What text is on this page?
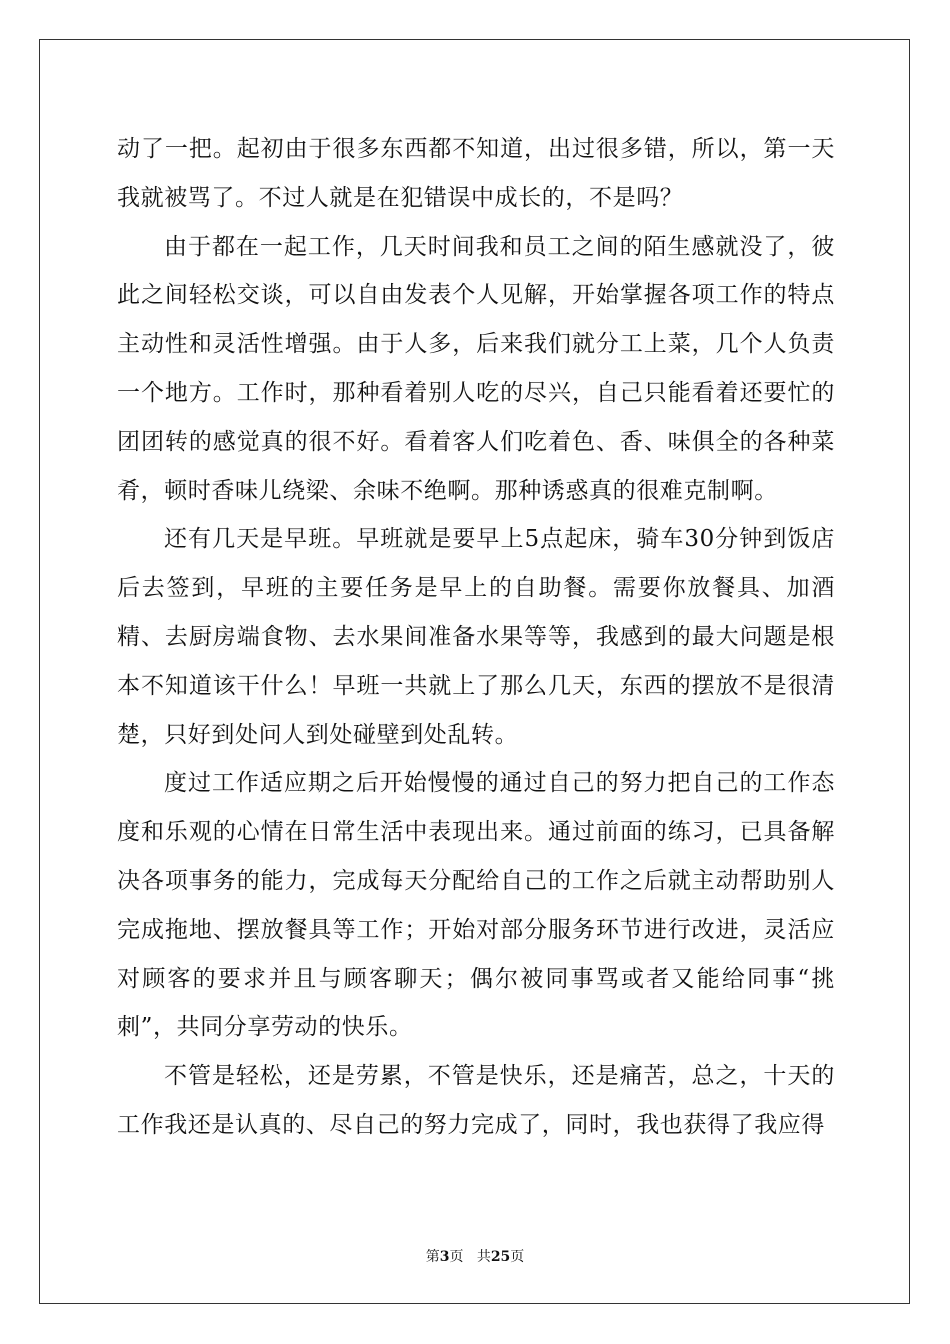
动了一把。起初由于很多东西都不知道，出过很多错，所以，第一天我就被骂了。不过人就是在犯错误中成长的，不是吗？

由于都在一起工作，几天时间我和员工之间的陌生感就没了，彼此之间轻松交谈，可以自由发表个人见解，开始掌握各项工作的特点主动性和灵活性增强。由于人多，后来我们就分工上菜，几个人负责一个地方。工作时，那种看着别人吃的尽兴，自己只能看着还要忙的团团转的感觉真的很不好。看着客人们吃着色、香、味俱全的各种菜肴，顿时香味儿绕梁、余味不绝啊。那种诱惑真的很难克制啊。

还有几天是早班。早班就是要早上5点起床，骑车30分钟到饭店后去签到，早班的主要任务是早上的自助餐。需要你放餐具、加酒精、去厨房端食物、去水果间准备水果等等，我感到的最大问题是根本不知道该干什么！早班一共就上了那么几天，东西的摆放不是很清楚，只好到处问人到处碰壁到处乱转。

度过工作适应期之后开始慢慢的通过自己的努力把自己的工作态度和乐观的心情在日常生活中表现出来。通过前面的练习，已具备解决各项事务的能力，完成每天分配给自己的工作之后就主动帮助别人完成拖地、摆放餐具等工作；开始对部分服务环节进行改进，灵活应对顾客的要求并且与顾客聊天；偶尔被同事骂或者又能给同事“挑刺”，共同分享劳动的快乐。

不管是轻松，还是劳累，不管是快乐，还是痛苦，总之，十天的工作我还是认真的、尽自己的努力完成了，同时，我也获得了我应得

第3页 共25页
